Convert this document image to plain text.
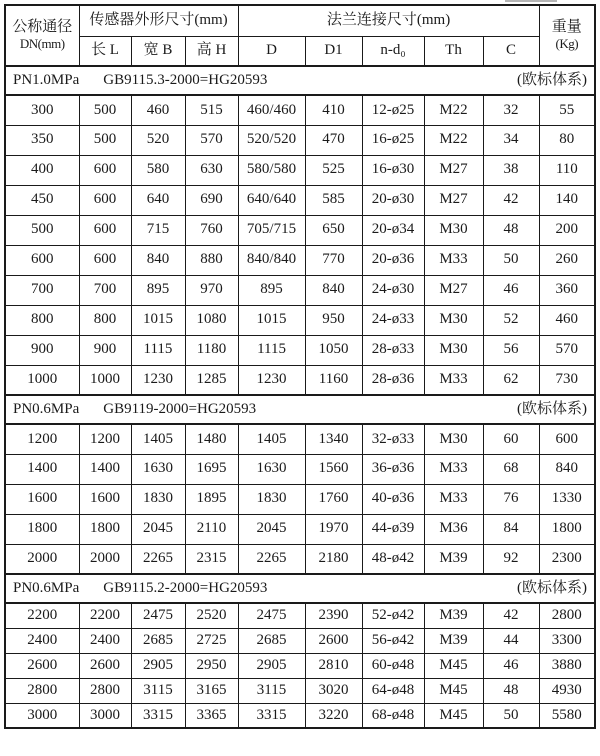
公称通径
DN(mm)
	传感器外形尺寸(mm)	法兰连接尺寸(mm)	重量
(Kg)

	长 L	宽 B	高 H	D	D1	n-d₀	Th	C	

PN1.0MPa GB9115.3-2000=HG20593 (欧标体系)									

300	500	460	515	460/460	410	12-ø25	M22	32	55
350	500	520	570	520/520	470	16-ø25	M22	34	80
400	600	580	630	580/580	525	16-ø30	M27	38	110
450	600	640	690	640/640	585	20-ø30	M27	42	140
500	600	715	760	705/715	650	20-ø34	M30	48	200
600	600	840	880	840/840	770	20-ø36	M33	50	260
700	700	895	970	895	840	24-ø30	M27	46	360
800	800	1015	1080	1015	950	24-ø33	M30	52	460
900	900	1115	1180	1115	1050	28-ø33	M30	56	570
1000	1000	1230	1285	1230	1160	28-ø36	M33	62	730

PN0.6MPa GB9119-2000=HG20593 (欧标体系)									

1200	1200	1405	1480	1405	1340	32-ø33	M30	60	600
1400	1400	1630	1695	1630	1560	36-ø36	M33	68	840
1600	1600	1830	1895	1830	1760	40-ø36	M33	76	1330
1800	1800	2045	2110	2045	1970	44-ø39	M36	84	1800
2000	2000	2265	2315	2265	2180	48-ø42	M39	92	2300

PN0.6MPa GB9115.2-2000=HG20593 (欧标体系)									

2200	2200	2475	2520	2475	2390	52-ø42	M39	42	2800
2400	2400	2685	2725	2685	2600	56-ø42	M39	44	3300
2600	2600	2905	2950	2905	2810	60-ø48	M45	46	3880
2800	2800	3115	3165	3115	3020	64-ø48	M45	48	4930
3000	3000	3315	3365	3315	3220	68-ø48	M45	50	5580
